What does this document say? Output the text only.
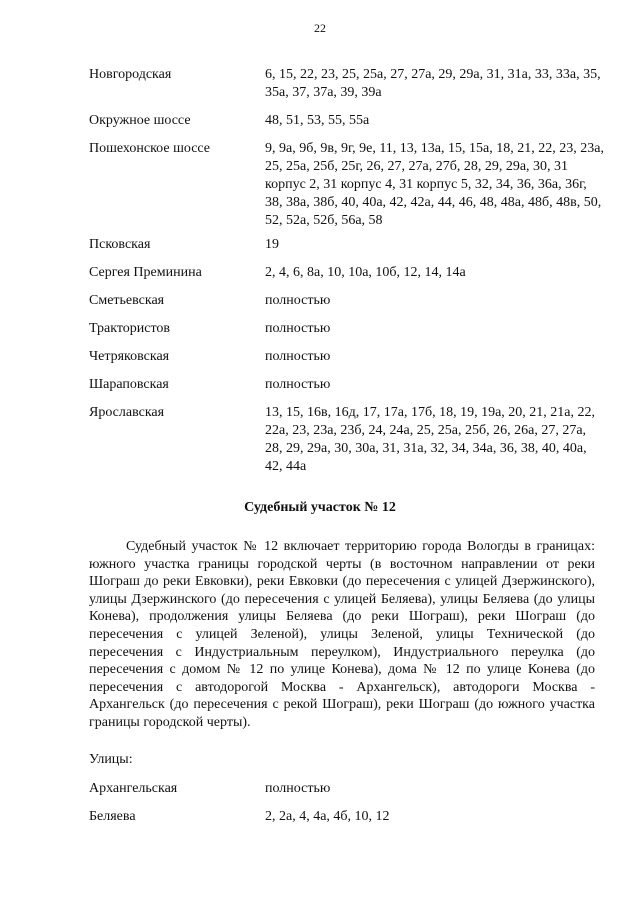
22
Новгородская	6, 15, 22, 23, 25, 25а, 27, 27а, 29, 29а, 31, 31а, 33, 33а, 35, 35а, 37, 37а, 39, 39а
Окружное шоссе	48, 51, 53, 55, 55а
Пошехонское шоссе	9, 9а, 9б, 9в, 9г, 9е, 11, 13, 13а, 15, 15а, 18, 21, 22, 23, 23а, 25, 25а, 25б, 25г, 26, 27, 27а, 27б, 28, 29, 29а, 30, 31 корпус 2, 31 корпус 4, 31 корпус 5, 32, 34, 36, 36а, 36г, 38, 38а, 38б, 40, 40а, 42, 42а, 44, 46, 48, 48а, 48б, 48в, 50, 52, 52а, 52б, 56а, 58
Псковская	19
Сергея Преминина	2, 4, 6, 8а, 10, 10а, 10б, 12, 14, 14а
Сметьевская	полностью
Трактористов	полностью
Четряковская	полностью
Шараповская	полностью
Ярославская	13, 15, 16в, 16д, 17, 17а, 17б, 18, 19, 19а, 20, 21, 21а, 22, 22а, 23, 23а, 23б, 24, 24а, 25, 25а, 25б, 26, 26а, 27, 27а, 28, 29, 29а, 30, 30а, 31, 31а, 32, 34, 34а, 36, 38, 40, 40а, 42, 44а
Судебный участок № 12

Судебный участок № 12 включает территорию города Вологды в границах: южного участка границы городской черты (в восточном направлении от реки Шограш до реки Евковки), реки Евковки (до пересечения с улицей Дзержинского), улицы Дзержинского (до пересечения с улицей Беляева), улицы Беляева (до улицы Конева), продолжения улицы Беляева (до реки Шограш), реки Шограш (до пересечения с улицей Зеленой), улицы Зеленой, улицы Технической (до пересечения с Индустриальным переулком), Индустриального переулка (до пересечения с домом № 12 по улице Конева), дома № 12 по улице Конева (до пересечения с автодорогой Москва - Архангельск), автодороги Москва - Архангельск (до пересечения с рекой Шограш), реки Шограш (до южного участка границы городской черты).

Улицы:
Архангельская	полностью
Беляева	2, 2а, 4, 4а, 4б, 10, 12
